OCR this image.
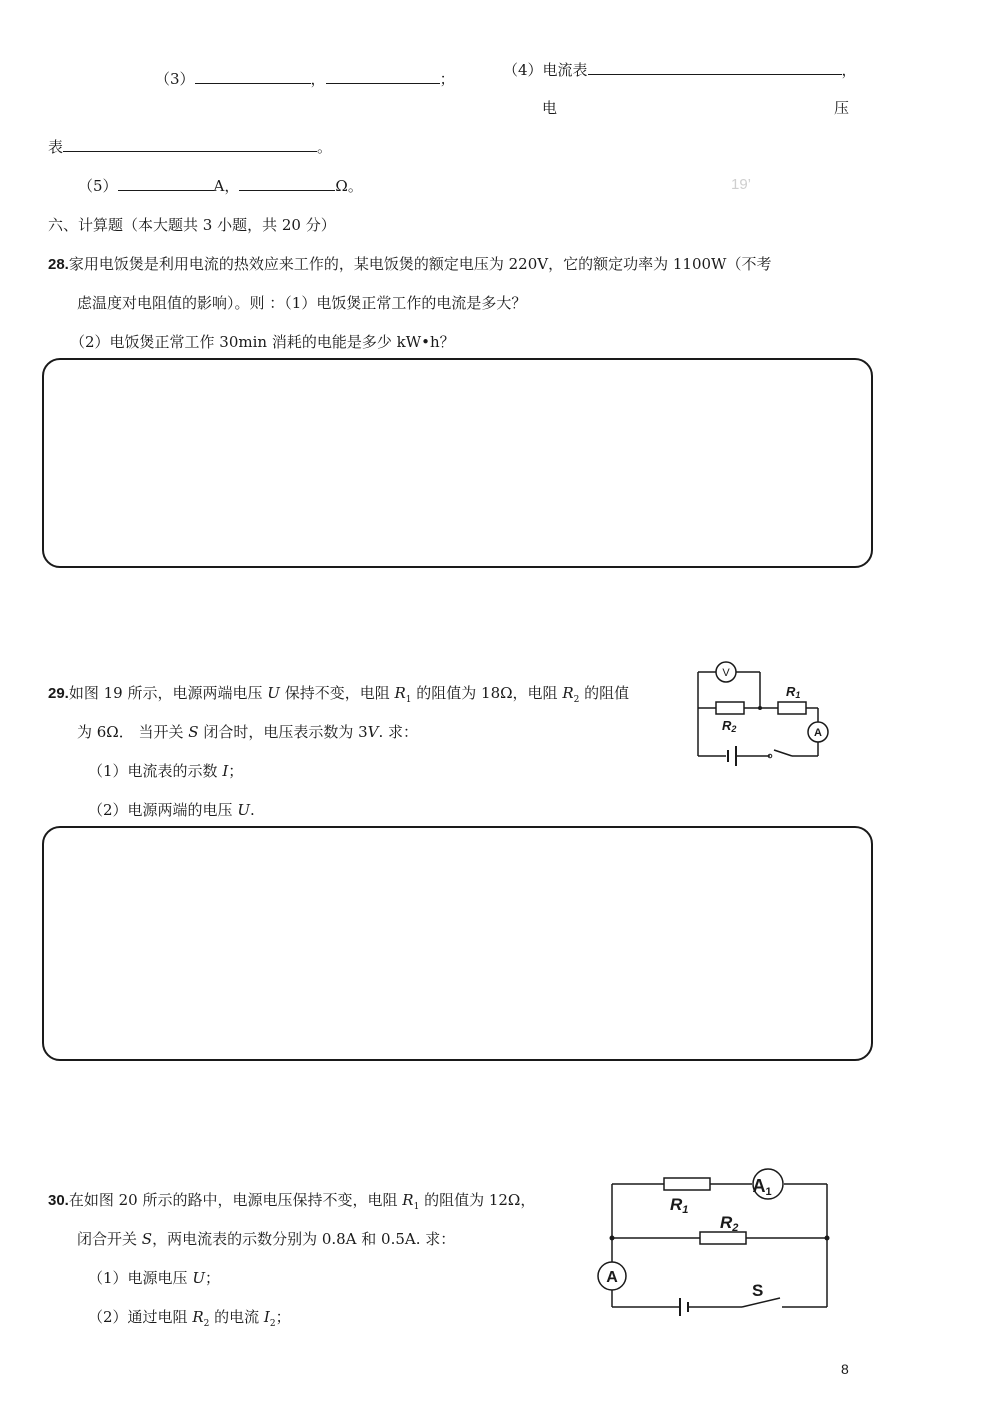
（3）	，	；	（4）电流表	，
电	压
表	。
（5）	A，	Ω。	19’
六、计算题（本大题共 3 小题，共 20 分）
28.家用电饭煲是利用电流的热效应来工作的，某电饭煲的额定电压为 220V，它的额定功率为 1100W（不考
虑温度对电阻值的影响）。则 ：（1）电饭煲正常工作的电流是多大？
（2）电饭煲正常工作 30min 消耗的电能是多少 kW•h？
29.如图 19 所示，电源两端电压 U 保持不变，电阻 $R_1$ 的阻值为 18Ω，电阻 $R_2$ 的阻值
为 6Ω． 当开关 S 闭合时，电压表示数为 3V. 求：
（1）电流表的示数 I；
（2）电源两端的电压 U.
V
A
R1
R2
30.在如图 20 所示的路中，电源电压保持不变，电阻 $R_1$ 的阻值为 12Ω，
闭合开关 S，两电流表的示数分别为 0.8A 和 0.5A. 求：
（1）电源电压 U；
（2）通过电阻 $R_2$ 的电流 $I_2$；
A1
A
R1
R2
S
8
